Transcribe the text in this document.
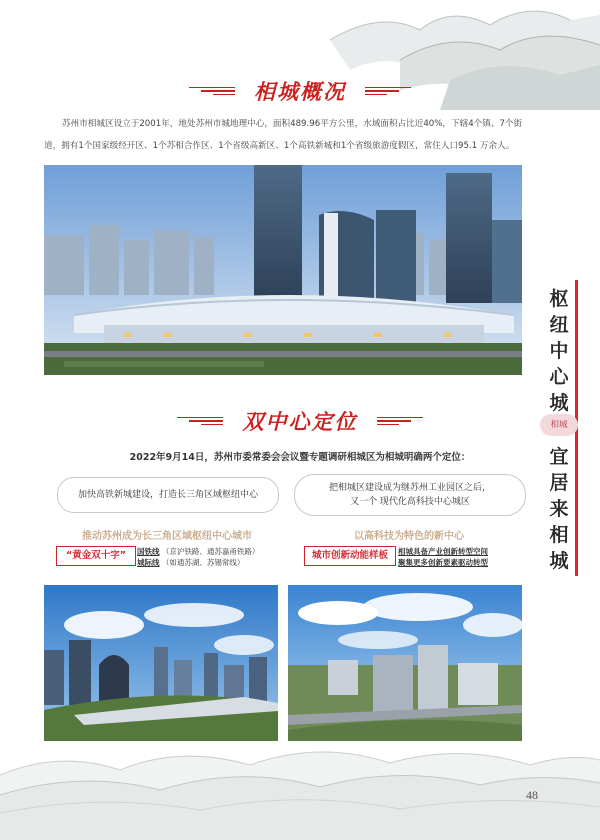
相城概况
苏州市相城区设立于2001年，地处苏州市城地理中心，面积489.96平方公里，水域面积占比近40%，下辖4个镇、7个街道，拥有1个国家级经开区、1个苏相合作区、1个省级高新区、1个高铁新城和1个省级旅游度假区，常住人口95.1 万余人。
双中心定位
2022年9月14日，苏州市委常委会会议暨专题调研相城区为相城明确两个定位：
加快高铁新城建设，打造长三角区域枢纽中心
把相城区建设成为继苏州工业园区之后，
又一个 现代化高科技中心城区
推动苏州成为长三角区域枢纽中心城市	以高科技为特色的新中心
“黄金双十字”	国铁线 （京沪铁路、通苏嘉甬铁路）
城际线 （如通苏湖、苏锡常线）
城市创新动能样板	相城具备产业创新转型空间
聚集更多创新要素驱动转型
枢
纽
中
心
城
相城
宜
居
来
相
城
48
